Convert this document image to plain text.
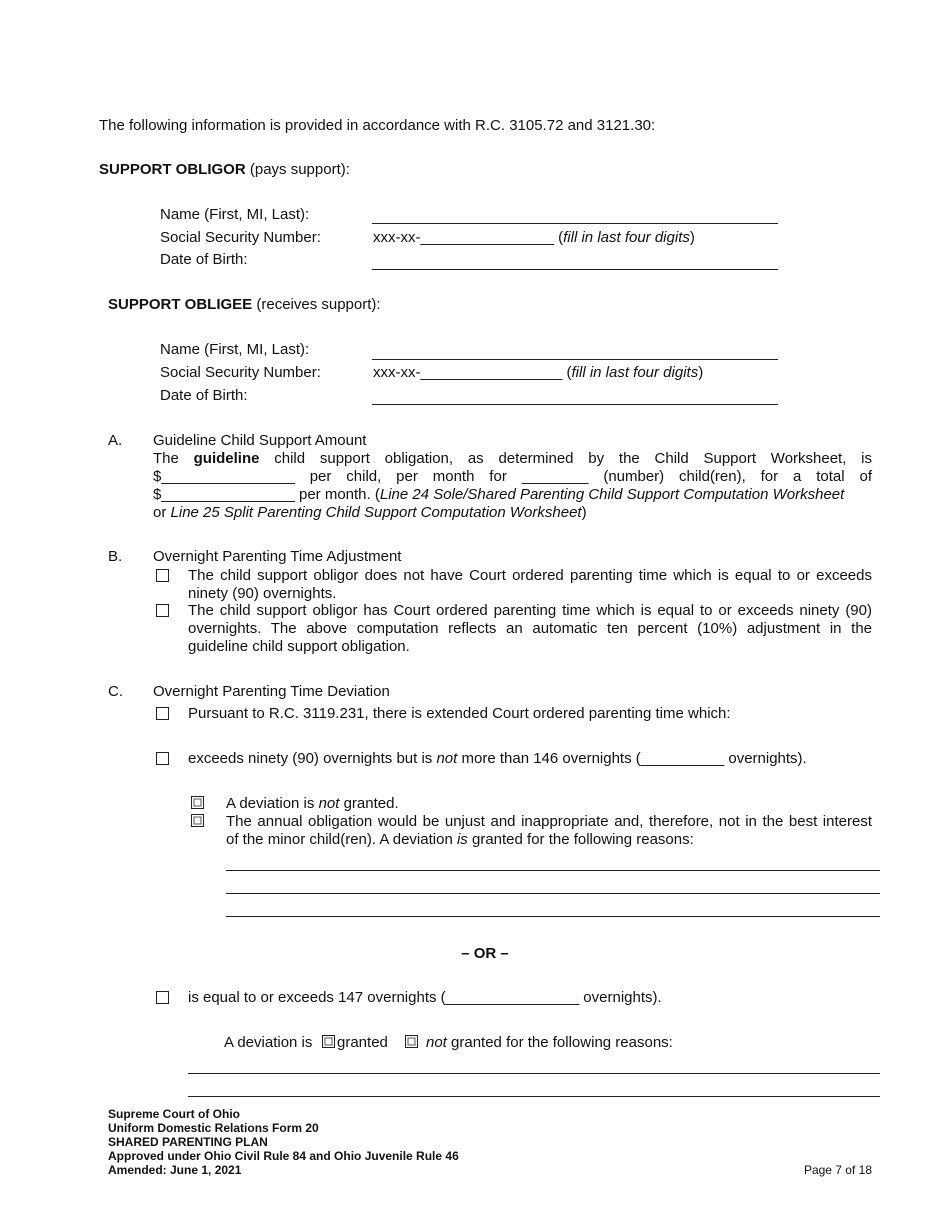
The following information is provided in accordance with R.C. 3105.72 and 3121.30:
SUPPORT OBLIGOR (pays support):
Name (First, MI, Last):
Social Security Number:	xxx-xx-________________ (fill in last four digits)
Date of Birth:
SUPPORT OBLIGEE (receives support):
Name (First, MI, Last):
Social Security Number:	xxx-xx-_________________ (fill in last four digits)
Date of Birth:
A. Guideline Child Support Amount
The guideline child support obligation, as determined by the Child Support Worksheet, is
$________________ per child, per month for ________ (number) child(ren), for a total of
$________________ per month. (Line 24 Sole/Shared Parenting Child Support Computation Worksheet
or Line 25 Split Parenting Child Support Computation Worksheet)
B. Overnight Parenting Time Adjustment
The child support obligor does not have Court ordered parenting time which is equal to or exceeds
ninety (90) overnights.
The child support obligor has Court ordered parenting time which is equal to or exceeds ninety (90)
overnights. The above computation reflects an automatic ten percent (10%) adjustment in the
guideline child support obligation.
C. Overnight Parenting Time Deviation
Pursuant to R.C. 3119.231, there is extended Court ordered parenting time which:
exceeds ninety (90) overnights but is not more than 146 overnights (__________ overnights).
A deviation is not granted.
The annual obligation would be unjust and inappropriate and, therefore, not in the best interest
of the minor child(ren). A deviation is granted for the following reasons:
– OR –
is equal to or exceeds 147 overnights (________________ overnights).
A deviation is granted	not granted for the following reasons:
Supreme Court of Ohio
Uniform Domestic Relations Form 20
SHARED PARENTING PLAN
Approved under Ohio Civil Rule 84 and Ohio Juvenile Rule 46
Amended: June 1, 2021	Page 7 of 18
